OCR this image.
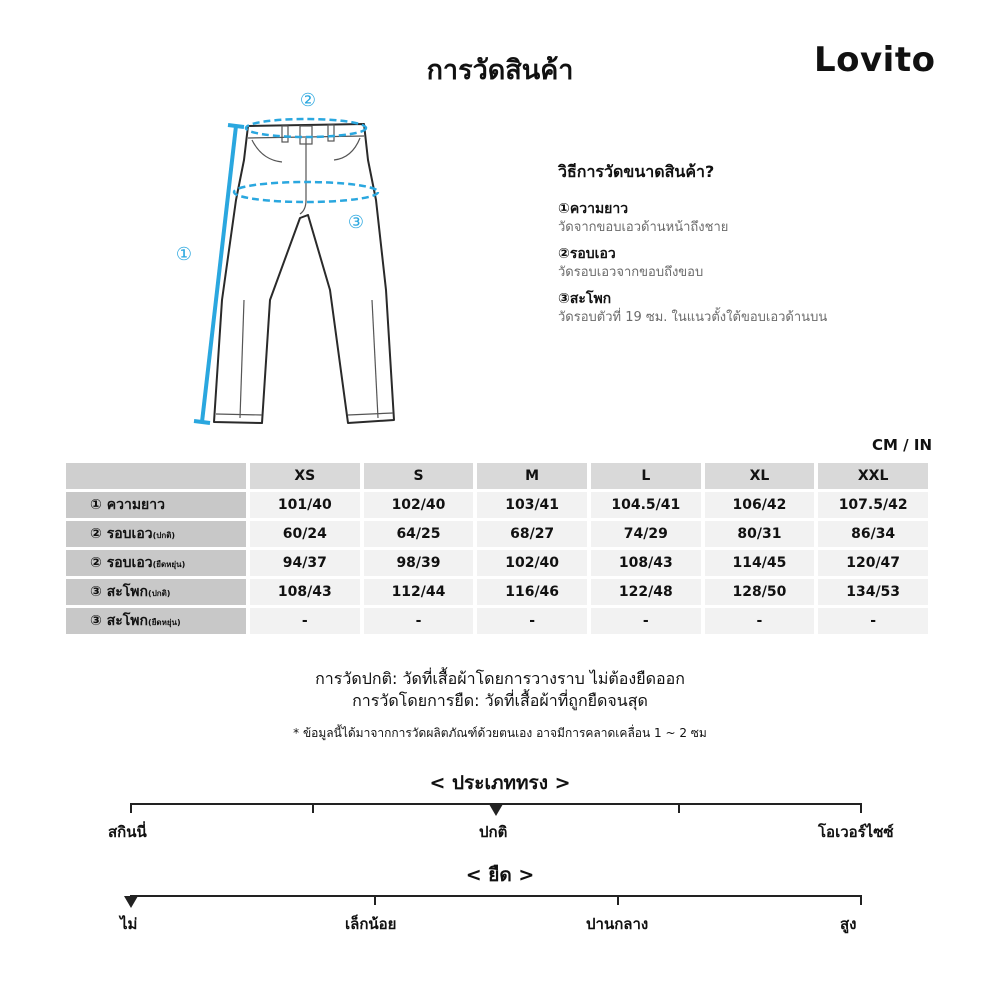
การวัดสินค้า	Lovito
②
③
①
วิธีการวัดขนาดสินค้า?
①ความยาว
วัดจากขอบเอวด้านหน้าถึงชาย
②รอบเอว
วัดรอบเอวจากขอบถึงขอบ
③สะโพก
วัดรอบตัวที่ 19 ซม. ในแนวตั้งใต้ขอบเอวด้านบน
CM / IN
	XS	S	M	L	XL	XXL
① ความยาว	101/40	102/40	103/41	104.5/41	106/42	107.5/42
② รอบเอว(ปกติ)	60/24	64/25	68/27	74/29	80/31	86/34
② รอบเอว(ยืดหยุ่น)	94/37	98/39	102/40	108/43	114/45	120/47
③ สะโพก(ปกติ)	108/43	112/44	116/46	122/48	128/50	134/53
③ สะโพก(ยืดหยุ่น)	-	-	-	-	-	-
การวัดปกติ: วัดที่เสื้อผ้าโดยการวางราบ ไม่ต้องยืดออก
การวัดโดยการยืด: วัดที่เสื้อผ้าที่ถูกยืดจนสุด
* ข้อมูลนี้ได้มาจากการวัดผลิตภัณฑ์ด้วยตนเอง อาจมีการคลาดเคลื่อน 1 ~ 2 ซม
< ประเภททรง >
สกินนี่	ปกติ	โอเวอร์ไซซ์
< ยืด >
ไม่	เล็กน้อย	ปานกลาง	สูง
